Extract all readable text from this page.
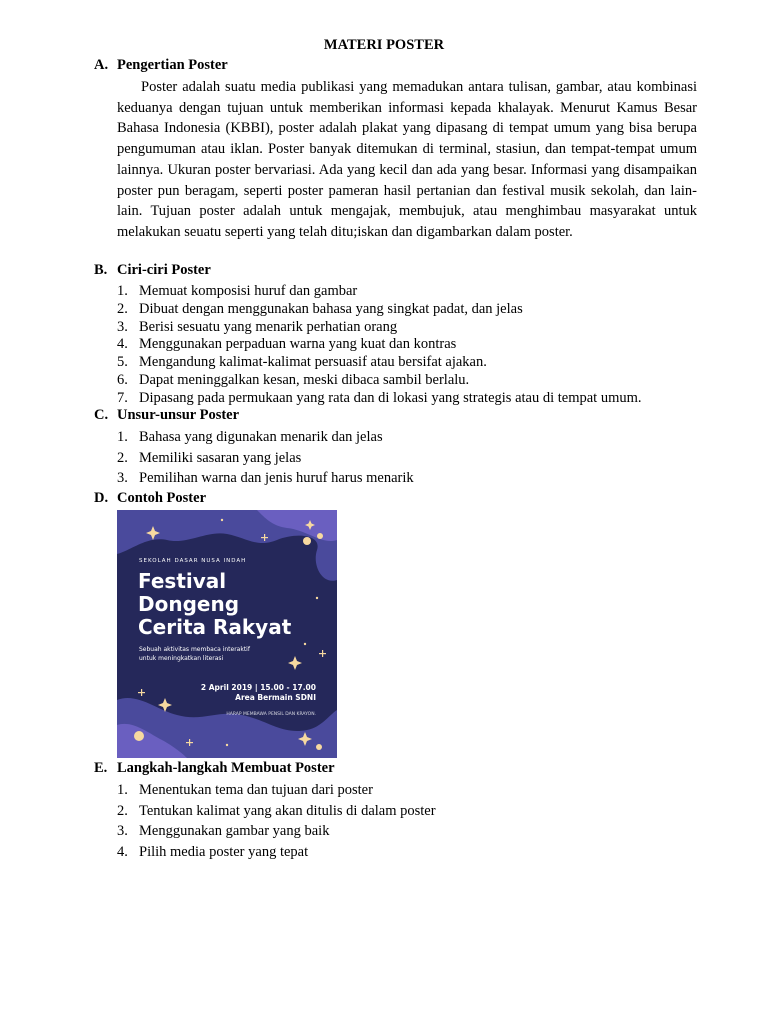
MATERI POSTER
A. Pengertian Poster
Poster adalah suatu media publikasi yang memadukan antara tulisan, gambar, atau kombinasi keduanya dengan tujuan untuk memberikan informasi kepada khalayak. Menurut Kamus Besar Bahasa Indonesia (KBBI), poster adalah plakat yang dipasang di tempat umum yang bisa berupa pengumuman atau iklan. Poster banyak ditemukan di terminal, stasiun, dan tempat-tempat umum lainnya. Ukuran poster bervariasi. Ada yang kecil dan ada yang besar. Informasi yang disampaikan poster pun beragam, seperti poster pameran hasil pertanian dan festival musik sekolah, dan lain-lain. Tujuan poster adalah untuk mengajak, membujuk, atau menghimbau masyarakat untuk melakukan seuatu seperti yang telah ditu;iskan dan digambarkan dalam poster.
B. Ciri-ciri Poster
1. Memuat komposisi huruf dan gambar
2. Dibuat dengan menggunakan bahasa yang singkat padat, dan jelas
3. Berisi sesuatu yang menarik perhatian orang
4. Menggunakan perpaduan warna yang kuat dan kontras
5. Mengandung kalimat-kalimat persuasif atau bersifat ajakan.
6. Dapat meninggalkan kesan, meski dibaca sambil berlalu.
7. Dipasang pada permukaan yang rata dan di lokasi yang strategis atau di tempat umum.
C. Unsur-unsur Poster
1. Bahasa yang digunakan menarik dan jelas
2. Memiliki sasaran yang jelas
3. Pemilihan warna dan jenis huruf harus menarik
D. Contoh Poster
SEKOLAH DASAR NUSA INDAH
Festival
Dongeng
Cerita Rakyat
Sebuah aktivitas membaca interaktif
untuk meningkatkan literasi
2 April 2019 | 15.00 - 17.00
Area Bermain SDNI
HARAP MEMBAWA PENSIL DAN KRAYON.
E. Langkah-langkah Membuat Poster
1. Menentukan tema dan tujuan dari poster
2. Tentukan kalimat yang akan ditulis di dalam poster
3. Menggunakan gambar yang baik
4. Pilih media poster yang tepat
